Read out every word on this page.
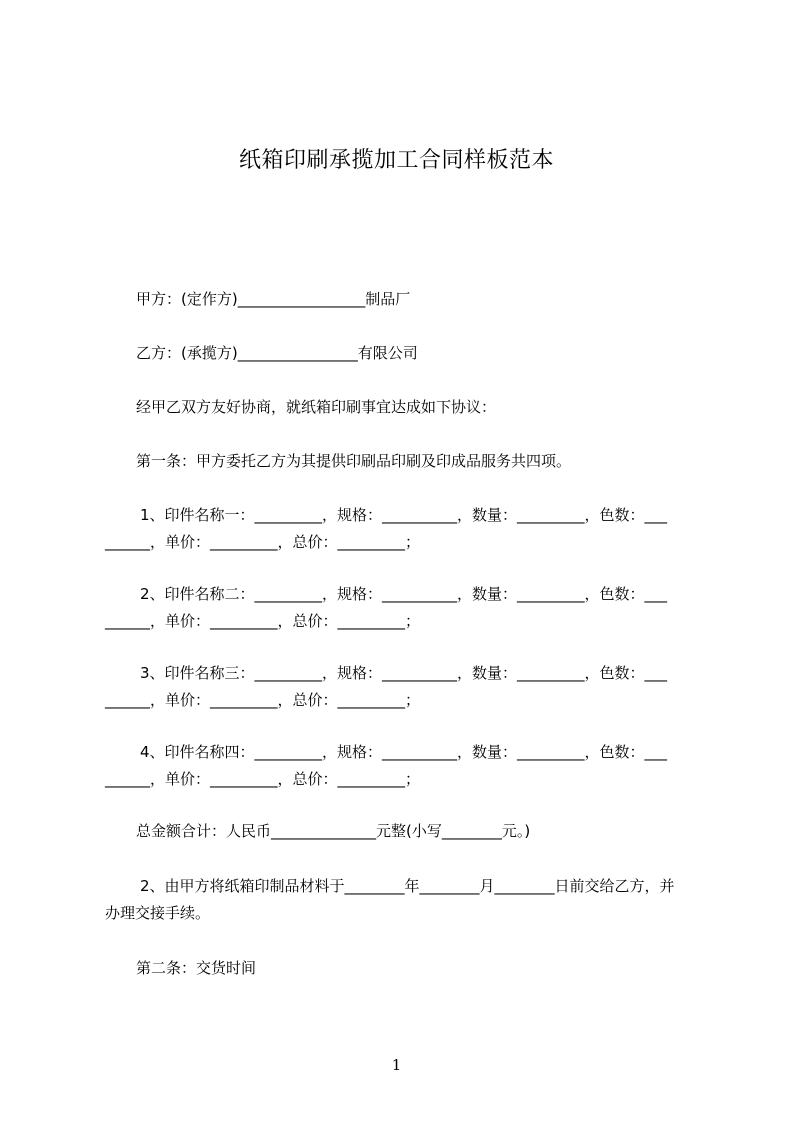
纸箱印刷承揽加工合同样板范本
甲方：(定作方)_________________制品厂
乙方：(承揽方)________________有限公司
经甲乙双方友好协商，就纸箱印刷事宜达成如下协议：
第一条：甲方委托乙方为其提供印刷品印刷及印成品服务共四项。
1、印件名称一：_________，规格：__________，数量：_________，色数：___
______，单价：_________，总价：_________；
2、印件名称二：_________，规格：__________，数量：_________，色数：___
______，单价：_________，总价：_________；
3、印件名称三：_________，规格：__________，数量：_________，色数：___
______，单价：_________，总价：_________；
4、印件名称四：_________，规格：__________，数量：_________，色数：___
______，单价：_________，总价：_________；
总金额合计：人民币______________元整(小写________元。)
2、由甲方将纸箱印制品材料于________年________月________日前交给乙方，并
办理交接手续。
第二条：交货时间
1
